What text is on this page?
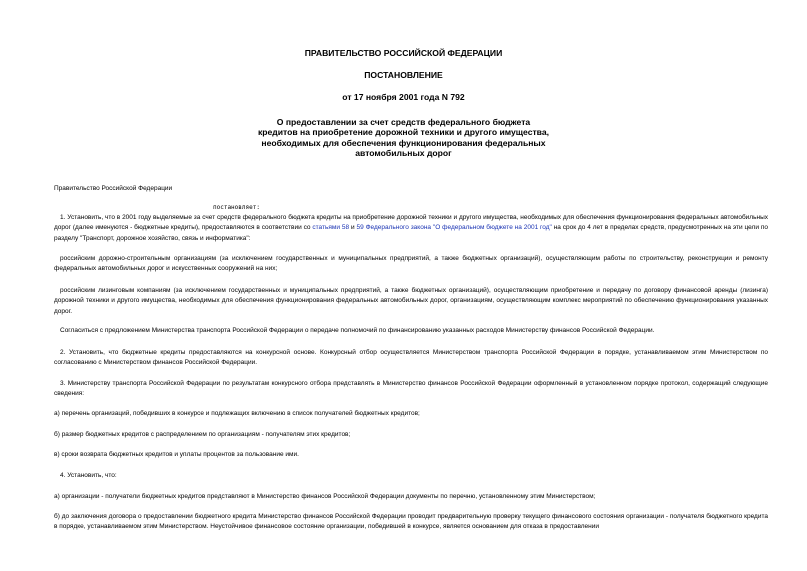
ПРАВИТЕЛЬСТВО РОССИЙСКОЙ ФЕДЕРАЦИИ
ПОСТАНОВЛЕНИЕ
от 17 ноября 2001 года N 792
О предоставлении за счет средств федерального бюджета
кредитов на приобретение дорожной техники и другого имущества,
необходимых для обеспечения функционирования федеральных
автомобильных дорог
Правительство Российской Федерации
постановляет:
1. Установить, что в 2001 году выделяемые за счет средств федерального бюджета кредиты на приобретение дорожной техники и другого имущества, необходимых для обеспечения функционирования федеральных автомобильных дорог (далее именуются - бюджетные кредиты), предоставляются в соответствии со статьями 58 и 59 Федерального закона "О федеральном бюджете на 2001 год" на срок до 4 лет в пределах средств, предусмотренных на эти цели по разделу "Транспорт, дорожное хозяйство, связь и информатика":
российским дорожно-строительным организациям (за исключением государственных и муниципальных предприятий, а также бюджетных организаций), осуществляющим работы по строительству, реконструкции и ремонту федеральных автомобильных дорог и искусственных сооружений на них;
российским лизинговым компаниям (за исключением государственных и муниципальных предприятий, а также бюджетных организаций), осуществляющим приобретение и передачу по договору финансовой аренды (лизинга) дорожной техники и другого имущества, необходимых для обеспечения функционирования федеральных автомобильных дорог, организациям, осуществляющим комплекс мероприятий по обеспечению функционирования указанных дорог.
Согласиться с предложением Министерства транспорта Российской Федерации о передаче полномочий по финансированию указанных расходов Министерству финансов Российской Федерации.
2. Установить, что бюджетные кредиты предоставляются на конкурсной основе. Конкурсный отбор осуществляется Министерством транспорта Российской Федерации в порядке, устанавливаемом этим Министерством по согласованию с Министерством финансов Российской Федерации.
3. Министерству транспорта Российской Федерации по результатам конкурсного отбора представлять в Министерство финансов Российской Федерации оформленный в установленном порядке протокол, содержащий следующие сведения:
а) перечень организаций, победивших в конкурсе и подлежащих включению в список получателей бюджетных кредитов;
б) размер бюджетных кредитов с распределением по организациям - получателям этих кредитов;
в) сроки возврата бюджетных кредитов и уплаты процентов за пользование ими.
4. Установить, что:
а) организации - получатели бюджетных кредитов представляют в Министерство финансов Российской Федерации документы по перечню, установленному этим Министерством;
б) до заключения договора о предоставлении бюджетного кредита Министерство финансов Российской Федерации проводит предварительную проверку текущего финансового состояния организации - получателя бюджетного кредита в порядке, устанавливаемом этим Министерством. Неустойчивое финансовое состояние организации, победившей в конкурсе, является основанием для отказа в предоставлении
